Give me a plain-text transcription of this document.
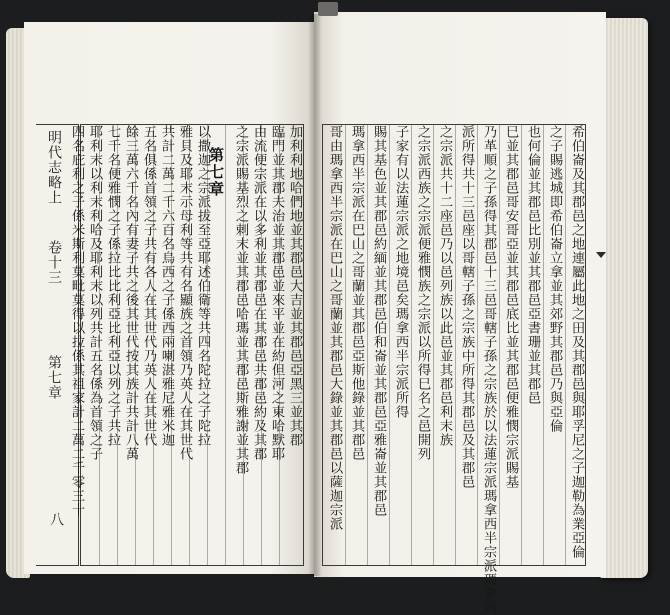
明代志略上
卷十三
第七章
八
加利利地哈們地並其郡邑大吉並其郡邑亞黑三並其郡
臨門並其郡夫治並其郡邑並來平並在約但河之東哈默耶
由流便宗派在以多利並其郡邑在其郡邑共郡邑約及其郡
之宗派賜基烈之剌末並其郡邑哈瑪並其郡邑斯雅謝並其郡
第七章
以撒迦之宗派拔至亞耶述伯衛等共四名陀拉之子陀拉
雅貝及耶末示母利等共有名顯族之首領乃英人在其世代
共計二萬二千六百名烏西之子係西兩喇湛雅尼雅米迦
五名俱係首領之子共有各人在其世代乃英人在其世代
餘三萬六千名內有妻子共之後其世代按其族計共計八萬
七千名便雅憫之子係拉比比利亞比利亞以列之子共拉
耶利末以利末利哈及耶利末以列共計五名係為首領之子
四名庇利之子係米斯利莫毗莫得以拉係其祖家計二萬二千零三十	希伯崙及其郡邑之地連屬此地之田及其郡邑與耶孚尼之子迦勒為業亞倫
之子賜逃城即希伯崙立拿並其郊野其郡邑乃與亞倫
也何倫並其郡邑比別並其郡邑亞書珊並其郡邑
巳並其郡邑哥安哥亞並其郡邑底比並其郡邑便雅憫宗派賜基
乃革順之子孫得其郡邑十三邑哥轄子孫之宗族於以法蓮宗派瑪拿西半宗派瑪拿西
派所得共十三邑座以哥轄子孫之宗族中所得其郡邑及其郡邑
之宗派共十二座邑乃以邑列族以此邑並其郡邑利末族
之宗派西族之宗派便雅憫族之宗派以所得巳名之邑開列
子家有以法蓮宗派之地境邑矣瑪拿西半宗派所得
賜其基色並其郡邑約緬並其郡邑伯和崙並其郡邑亞雅崙並其郡邑
瑪拿西半宗派在巴山之哥蘭並其郡邑亞斯他錄並其郡邑
哥由瑪拿西半宗派在巴山之哥蘭並其郡邑大錄並其郡邑以薩迦宗派
